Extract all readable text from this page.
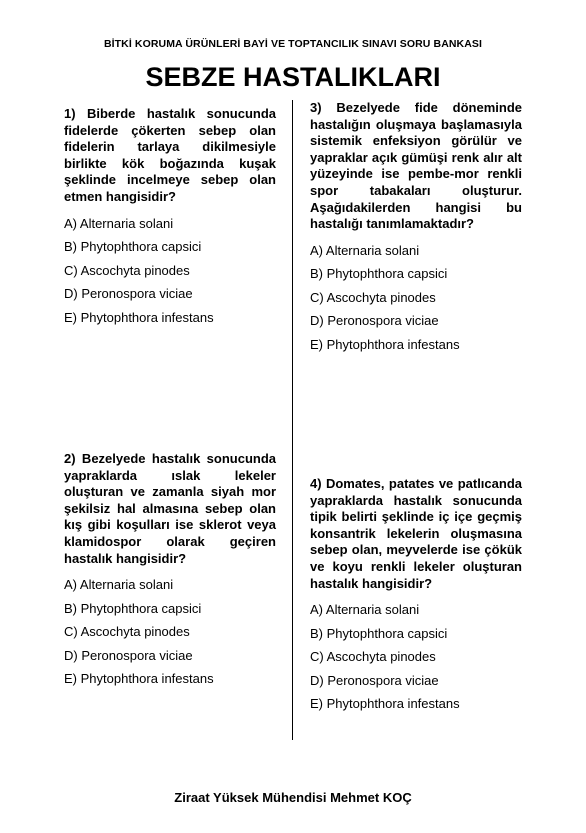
BİTKİ KORUMA ÜRÜNLERİ BAYİ VE TOPTANCILIK SINAVI SORU BANKASI
SEBZE HASTALIKLARI

1) Biberde hastalık sonucunda fidelerde çökerten sebep olan fidelerin tarlaya dikilmesiyle birlikte kök boğazında kuşak şeklinde incelmeye sebep olan etmen hangisidir?

A) Alternaria solani

B) Phytophthora capsici

C) Ascochyta pinodes

D) Peronospora viciae

E) Phytophthora infestans

2) Bezelyede hastalık sonucunda yapraklarda ıslak lekeler oluşturan ve zamanla siyah mor şekilsiz hal almasına sebep olan kış gibi koşulları ise sklerot veya klamidospor olarak geçiren hastalık hangisidir?

A) Alternaria solani

B) Phytophthora capsici

C) Ascochyta pinodes

D) Peronospora viciae

E) Phytophthora infestans

3) Bezelyede fide döneminde hastalığın oluşmaya başlamasıyla sistemik enfeksiyon görülür ve yapraklar açık gümüşi renk alır alt yüzeyinde ise pembe-mor renkli spor tabakaları oluşturur. Aşağıdakilerden hangisi bu hastalığı tanımlamaktadır?

A) Alternaria solani

B) Phytophthora capsici

C) Ascochyta pinodes

D) Peronospora viciae

E) Phytophthora infestans

4) Domates, patates ve patlıcanda yapraklarda hastalık sonucunda tipik belirti şeklinde iç içe geçmiş konsantrik lekelerin oluşmasına sebep olan, meyvelerde ise çökük ve koyu renkli lekeler oluşturan hastalık hangisidir?

A) Alternaria solani

B) Phytophthora capsici

C) Ascochyta pinodes

D) Peronospora viciae

E) Phytophthora infestans

Ziraat Yüksek Mühendisi Mehmet KOÇ
